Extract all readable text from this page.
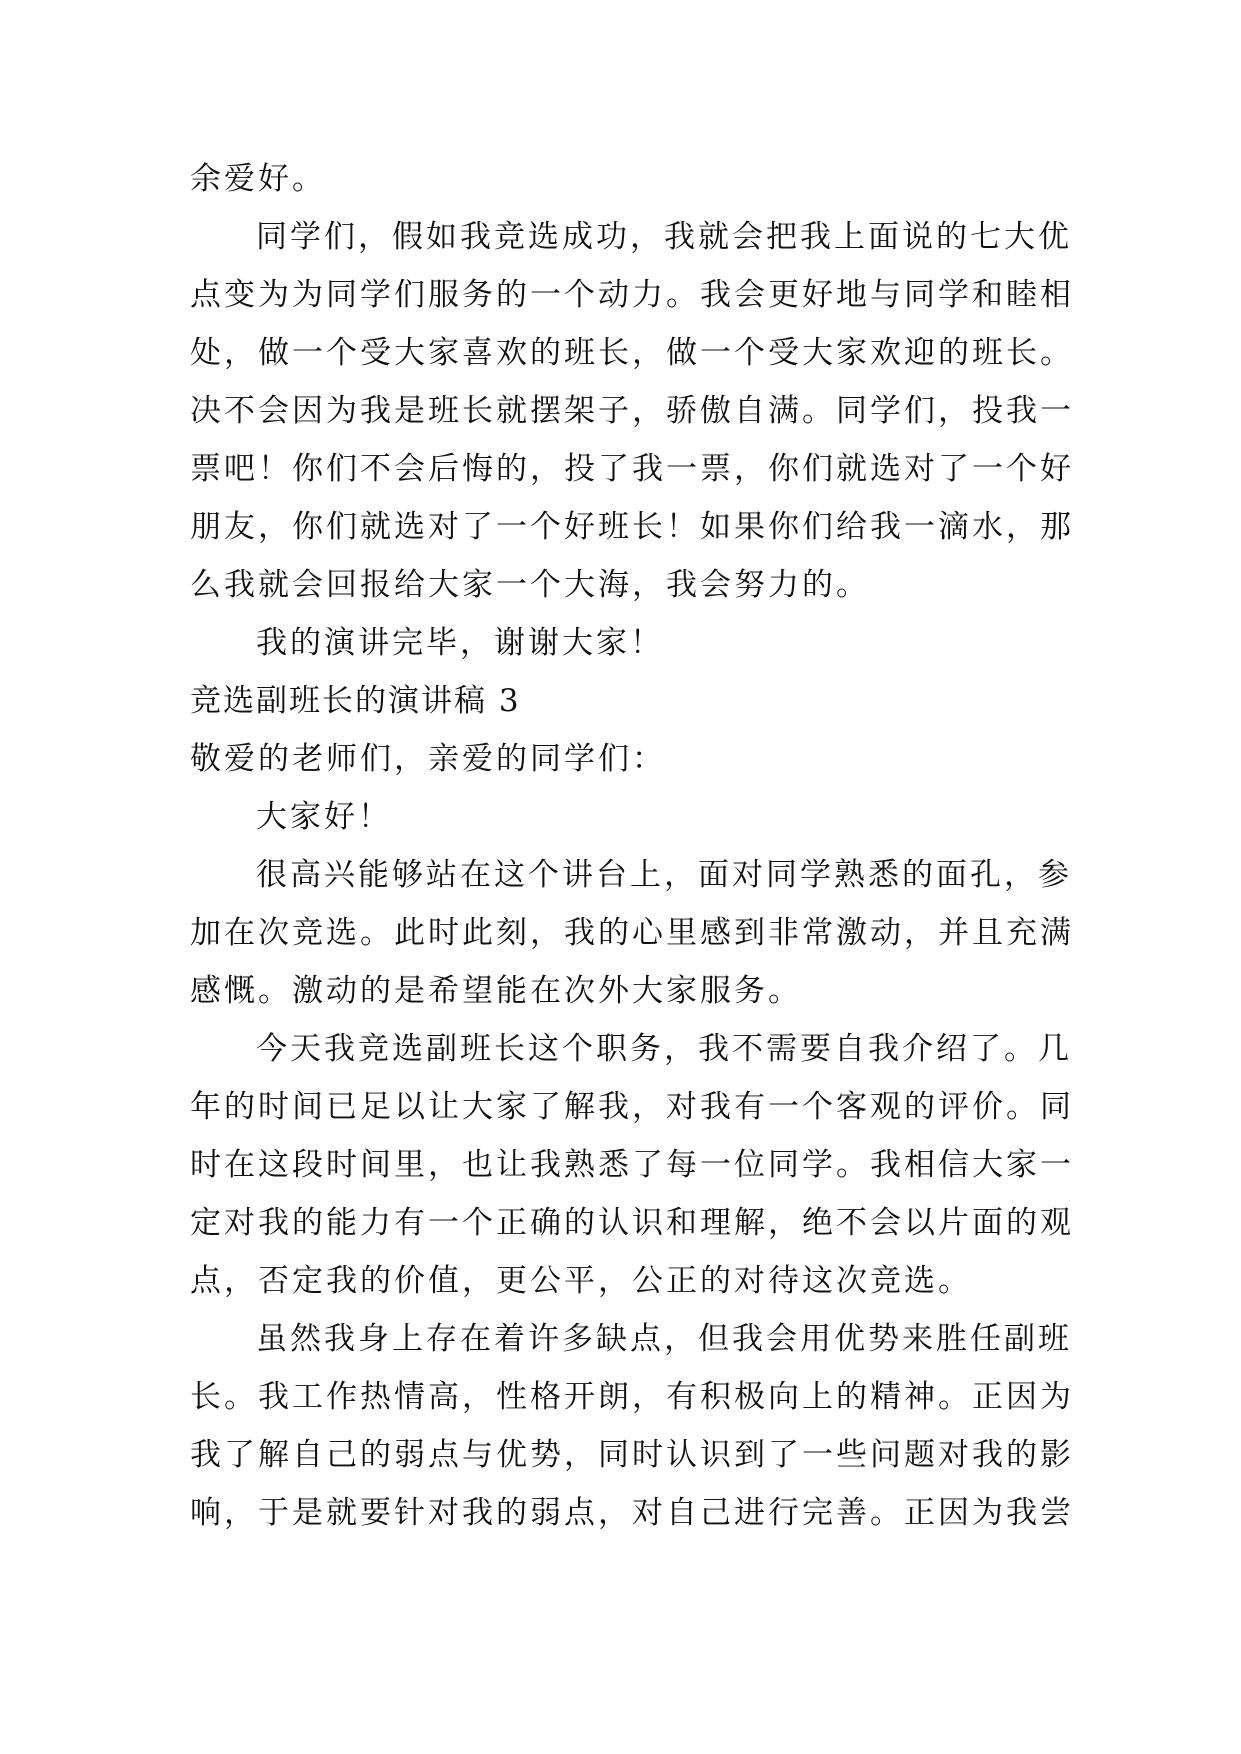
余爱好。
同学们，假如我竞选成功，我就会把我上面说的七大优
点变为为同学们服务的一个动力。我会更好地与同学和睦相
处，做一个受大家喜欢的班长，做一个受大家欢迎的班长。
决不会因为我是班长就摆架子，骄傲自满。同学们，投我一
票吧！你们不会后悔的，投了我一票，你们就选对了一个好
朋友，你们就选对了一个好班长！如果你们给我一滴水，那
么我就会回报给大家一个大海，我会努力的。
我的演讲完毕，谢谢大家！
竞选副班长的演讲稿 3
敬爱的老师们，亲爱的同学们：
大家好！
很高兴能够站在这个讲台上，面对同学熟悉的面孔，参
加在次竞选。此时此刻，我的心里感到非常激动，并且充满
感慨。激动的是希望能在次外大家服务。
今天我竞选副班长这个职务，我不需要自我介绍了。几
年的时间已足以让大家了解我，对我有一个客观的评价。同
时在这段时间里，也让我熟悉了每一位同学。我相信大家一
定对我的能力有一个正确的认识和理解，绝不会以片面的观
点，否定我的价值，更公平，公正的对待这次竞选。
虽然我身上存在着许多缺点，但我会用优势来胜任副班
长。我工作热情高，性格开朗，有积极向上的精神。正因为
我了解自己的弱点与优势，同时认识到了一些问题对我的影
响，于是就要针对我的弱点，对自己进行完善。正因为我尝
